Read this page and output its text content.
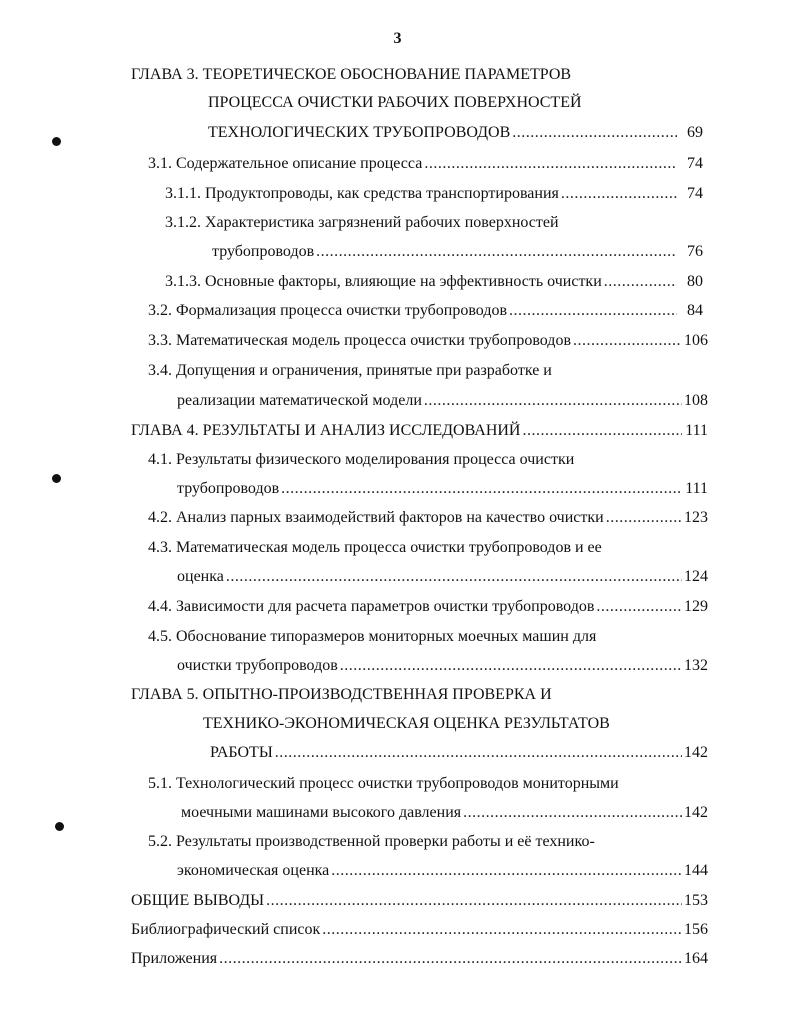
3
ГЛАВА 3. ТЕОРЕТИЧЕСКОЕ ОБОСНОВАНИЕ ПАРАМЕТРОВ
ПРОЦЕССА ОЧИСТКИ РАБОЧИХ ПОВЕРХНОСТЕЙ
ТЕХНОЛОГИЧЕСКИХ ТРУБОПРОВОДОВ .....	69
3.1. Содержательное описание процесса .....	74
3.1.1. Продуктопроводы, как средства транспортирования .....	74
3.1.2. Характеристика загрязнений рабочих поверхностей
трубопроводов .....	76
3.1.3. Основные факторы, влияющие на эффективность очистки .....	80
3.2. Формализация процесса очистки трубопроводов .....	84
3.3. Математическая модель процесса очистки трубопроводов .....	106
3.4. Допущения и ограничения, принятые при разработке и
реализации математической модели .....	108
ГЛАВА 4. РЕЗУЛЬТАТЫ И АНАЛИЗ ИССЛЕДОВАНИЙ .....	111
4.1. Результаты физического моделирования процесса очистки
трубопроводов .....	111
4.2. Анализ парных взаимодействий факторов на качество очистки .....	123
4.3. Математическая модель процесса очистки трубопроводов и ее
оценка .....	124
4.4. Зависимости для расчета параметров очистки трубопроводов .....	129
4.5. Обоснование типоразмеров мониторных моечных машин для
очистки трубопроводов .....	132
ГЛАВА 5. ОПЫТНО-ПРОИЗВОДСТВЕННАЯ ПРОВЕРКА И
ТЕХНИКО-ЭКОНОМИЧЕСКАЯ ОЦЕНКА РЕЗУЛЬТАТОВ
РАБОТЫ .....	142
5.1. Технологический процесс очистки трубопроводов мониторными
моечными машинами высокого давления .....	142
5.2. Результаты производственной проверки работы и её технико-
экономическая оценка .....	144
ОБЩИЕ ВЫВОДЫ .....	153
Библиографический список .....	156
Приложения .....	164
